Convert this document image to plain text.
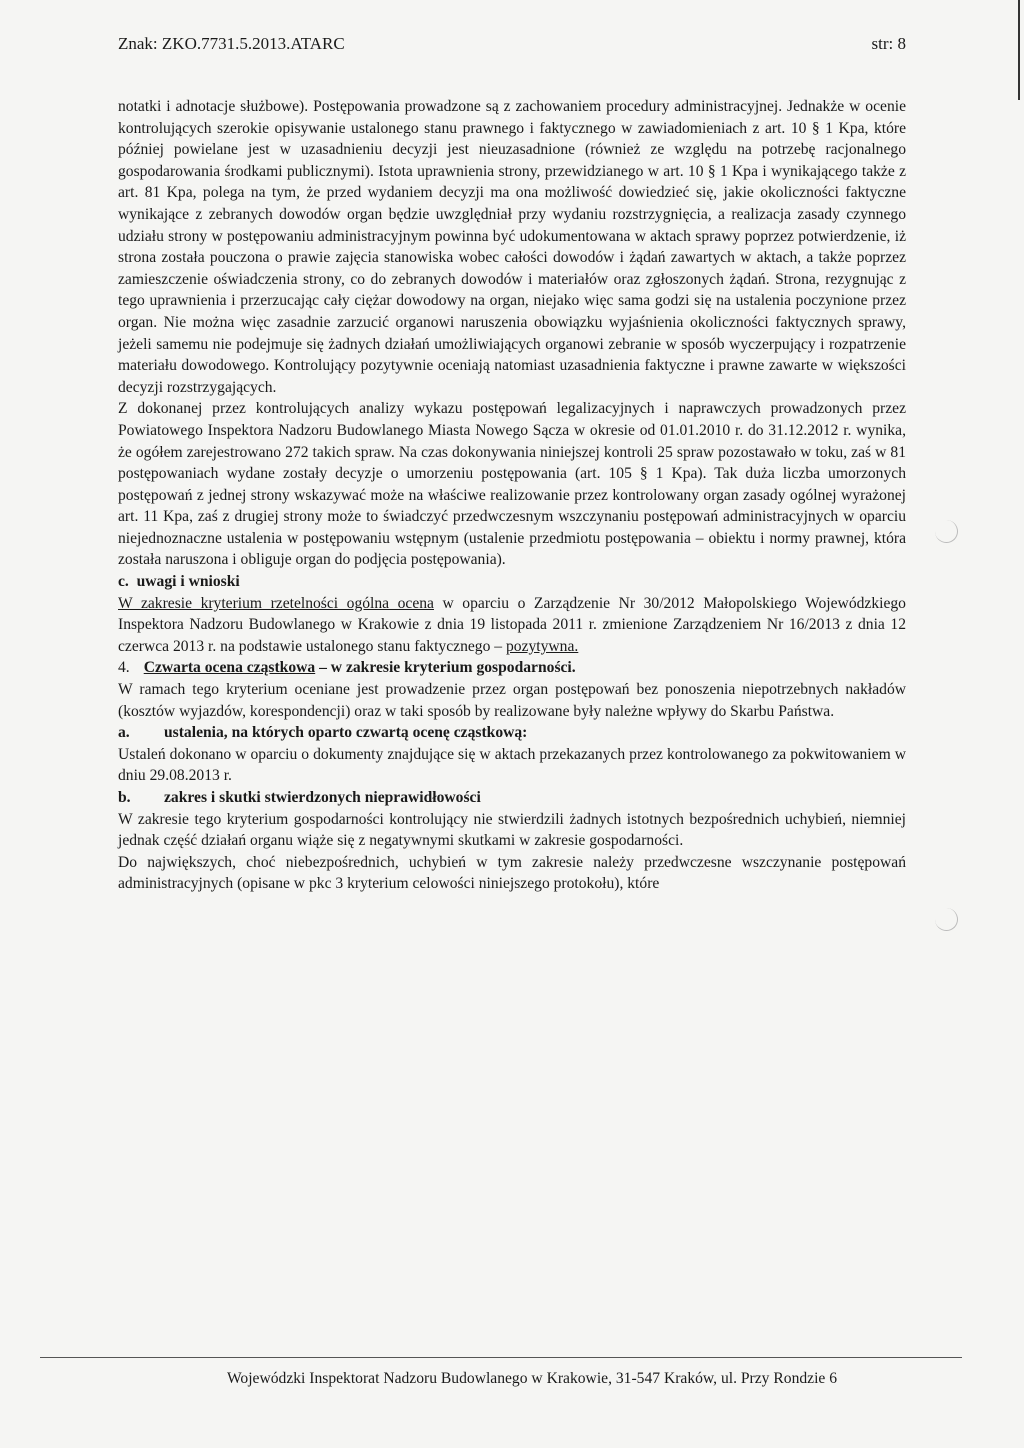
Znak: ZKO.7731.5.2013.ATARC	str: 8

notatki i adnotacje służbowe). Postępowania prowadzone są z zachowaniem procedury administracyjnej. Jednakże w ocenie kontrolujących szerokie opisywanie ustalonego stanu prawnego i faktycznego w zawiadomieniach z art. 10 § 1 Kpa, które później powielane jest w uzasadnieniu decyzji jest nieuzasadnione (również ze względu na potrzebę racjonalnego gospodarowania środkami publicznymi). Istota uprawnienia strony, przewidzianego w art. 10 § 1 Kpa i wynikającego także z art. 81 Kpa, polega na tym, że przed wydaniem decyzji ma ona możliwość dowiedzieć się, jakie okoliczności faktyczne wynikające z zebranych dowodów organ będzie uwzględniał przy wydaniu rozstrzygnięcia, a realizacja zasady czynnego udziału strony w postępowaniu administracyjnym powinna być udokumentowana w aktach sprawy poprzez potwierdzenie, iż strona została pouczona o prawie zajęcia stanowiska wobec całości dowodów i żądań zawartych w aktach, a także poprzez zamieszczenie oświadczenia strony, co do zebranych dowodów i materiałów oraz zgłoszonych żądań. Strona, rezygnując z tego uprawnienia i przerzucając cały ciężar dowodowy na organ, niejako więc sama godzi się na ustalenia poczynione przez organ. Nie można więc zasadnie zarzucić organowi naruszenia obowiązku wyjaśnienia okoliczności faktycznych sprawy, jeżeli samemu nie podejmuje się żadnych działań umożliwiających organowi zebranie w sposób wyczerpujący i rozpatrzenie materiału dowodowego. Kontrolujący pozytywnie oceniają natomiast uzasadnienia faktyczne i prawne zawarte w większości decyzji rozstrzygających.

Z dokonanej przez kontrolujących analizy wykazu postępowań legalizacyjnych i naprawczych prowadzonych przez Powiatowego Inspektora Nadzoru Budowlanego Miasta Nowego Sącza w okresie od 01.01.2010 r. do 31.12.2012 r. wynika, że ogółem zarejestrowano 272 takich spraw. Na czas dokonywania niniejszej kontroli 25 spraw pozostawało w toku, zaś w 81 postępowaniach wydane zostały decyzje o umorzeniu postępowania (art. 105 § 1 Kpa). Tak duża liczba umorzonych postępowań z jednej strony wskazywać może na właściwe realizowanie przez kontrolowany organ zasady ogólnej wyrażonej art. 11 Kpa, zaś z drugiej strony może to świadczyć przedwczesnym wszczynaniu postępowań administracyjnych w oparciu niejednoznaczne ustalenia w postępowaniu wstępnym (ustalenie przedmiotu postępowania – obiektu i normy prawnej, która została naruszona i obliguje organ do podjęcia postępowania).

c.  uwagi i wnioski

W zakresie kryterium rzetelności ogólna ocena w oparciu o Zarządzenie Nr 30/2012 Małopolskiego Wojewódzkiego Inspektora Nadzoru Budowlanego w Krakowie z dnia 19 listopada 2011 r. zmienione Zarządzeniem Nr 16/2013 z dnia 12 czerwca 2013 r. na podstawie ustalonego stanu faktycznego – pozytywna.

4. Czwarta ocena cząstkowa – w zakresie kryterium gospodarności.

W ramach tego kryterium oceniane jest prowadzenie przez organ postępowań bez ponoszenia niepotrzebnych nakładów (kosztów wyjazdów, korespondencji) oraz w taki sposób by realizowane były należne wpływy do Skarbu Państwa.

a. ustalenia, na których oparto czwartą ocenę cząstkową:

Ustaleń dokonano w oparciu o dokumenty znajdujące się w aktach przekazanych przez kontrolowanego za pokwitowaniem w dniu 29.08.2013 r.

b. zakres i skutki stwierdzonych nieprawidłowości

W zakresie tego kryterium gospodarności kontrolujący nie stwierdzili żadnych istotnych bezpośrednich uchybień, niemniej jednak część działań organu wiąże się z negatywnymi skutkami w zakresie gospodarności.

Do największych, choć niebezpośrednich, uchybień w tym zakresie należy przedwczesne wszczynanie postępowań administracyjnych (opisane w pkc 3 kryterium celowości niniejszego protokołu), które

Wojewódzki Inspektorat Nadzoru Budowlanego w Krakowie, 31-547 Kraków, ul. Przy Rondzie 6
